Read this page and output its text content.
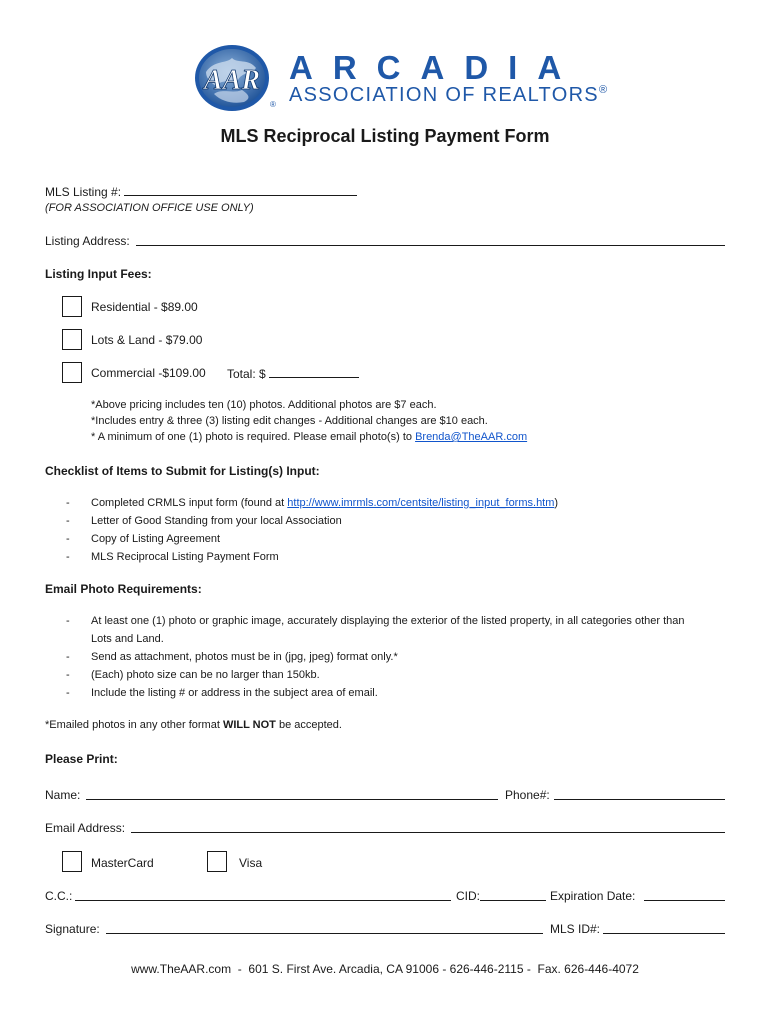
AAR
®
ARCADIA
ASSOCIATION OF REALTORS®
MLS Reciprocal Listing Payment Form
MLS Listing #:
(FOR ASSOCIATION OFFICE USE ONLY)
Listing Address:
Listing Input Fees:
Residential - $89.00
Lots & Land - $79.00
Commercial -$109.00 Total: $
*Above pricing includes ten (10) photos. Additional photos are $7 each.
*Includes entry & three (3) listing edit changes - Additional changes are $10 each.
* A minimum of one (1) photo is required. Please email photo(s) to Brenda@TheAAR.com
Checklist of Items to Submit for Listing(s) Input:
- Completed CRMLS input form (found at http://www.imrmls.com/centsite/listing_input_forms.htm)
- Letter of Good Standing from your local Association
- Copy of Listing Agreement
- MLS Reciprocal Listing Payment Form
Email Photo Requirements:
- At least one (1) photo or graphic image, accurately displaying the exterior of the listed property, in all categories other than
Lots and Land.
- Send as attachment, photos must be in (jpg, jpeg) format only.*
- (Each) photo size can be no larger than 150kb.
- Include the listing # or address in the subject area of email.
*Emailed photos in any other format WILL NOT be accepted.
Please Print:
Name:	Phone#:
Email Address:
MasterCard	Visa
C.C.:	CID:	Expiration Date:
Signature:	MLS ID#:
www.TheAAR.com  -  601 S. First Ave. Arcadia, CA 91006 - 626-446-2115 -  Fax. 626-446-4072
